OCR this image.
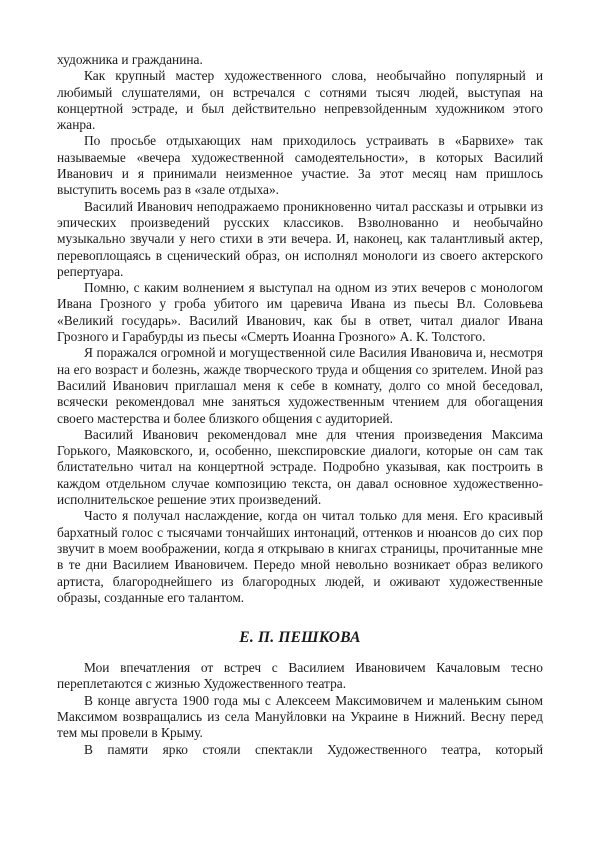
художника и гражданина.

Как крупный мастер художественного слова, необычайно популярный и любимый слушателями, он встречался с сотнями тысяч людей, выступая на концертной эстраде, и был действительно непревзойденным художником этого жанра.

По просьбе отдыхающих нам приходилось устраивать в «Барвихе» так называемые «вечера художественной самодеятельности», в которых Василий Иванович и я принимали неизменное участие. За этот месяц нам пришлось выступить восемь раз в «зале отдыха».

Василий Иванович неподражаемо проникновенно читал рассказы и отрывки из эпических произведений русских классиков. Взволнованно и необычайно музыкально звучали у него стихи в эти вечера. И, наконец, как талантливый актер, перевоплощаясь в сценический образ, он исполнял монологи из своего актерского репертуара.

Помню, с каким волнением я выступал на одном из этих вечеров с монологом Ивана Грозного у гроба убитого им царевича Ивана из пьесы Вл. Соловьева «Великий государь». Василий Иванович, как бы в ответ, читал диалог Ивана Грозного и Гарабурды из пьесы «Смерть Иоанна Грозного» А. К. Толстого.

Я поражался огромной и могущественной силе Василия Ивановича и, несмотря на его возраст и болезнь, жажде творческого труда и общения со зрителем. Иной раз Василий Иванович приглашал меня к себе в комнату, долго со мной беседовал, всячески рекомендовал мне заняться художественным чтением для обогащения своего мастерства и более близкого общения с аудиторией.

Василий Иванович рекомендовал мне для чтения произведения Максима Горького, Маяковского, и, особенно, шекспировские диалоги, которые он сам так блистательно читал на концертной эстраде. Подробно указывая, как построить в каждом отдельном случае композицию текста, он давал основное художественно-исполнительское решение этих произведений.

Часто я получал наслаждение, когда он читал только для меня. Его красивый бархатный голос с тысячами тончайших интонаций, оттенков и нюансов до сих пор звучит в моем воображении, когда я открываю в книгах страницы, прочитанные мне в те дни Василием Ивановичем. Передо мной невольно возникает образ великого артиста, благороднейшего из благородных людей, и оживают художественные образы, созданные его талантом.

Е. П. ПЕШКОВА

Мои впечатления от встреч с Василием Ивановичем Качаловым тесно переплетаются с жизнью Художественного театра.

В конце августа 1900 года мы с Алексеем Максимовичем и маленьким сыном Максимом возвращались из села Мануйловки на Украине в Нижний. Весну перед тем мы провели в Крыму.

В памяти ярко стояли спектакли Художественного театра, который
